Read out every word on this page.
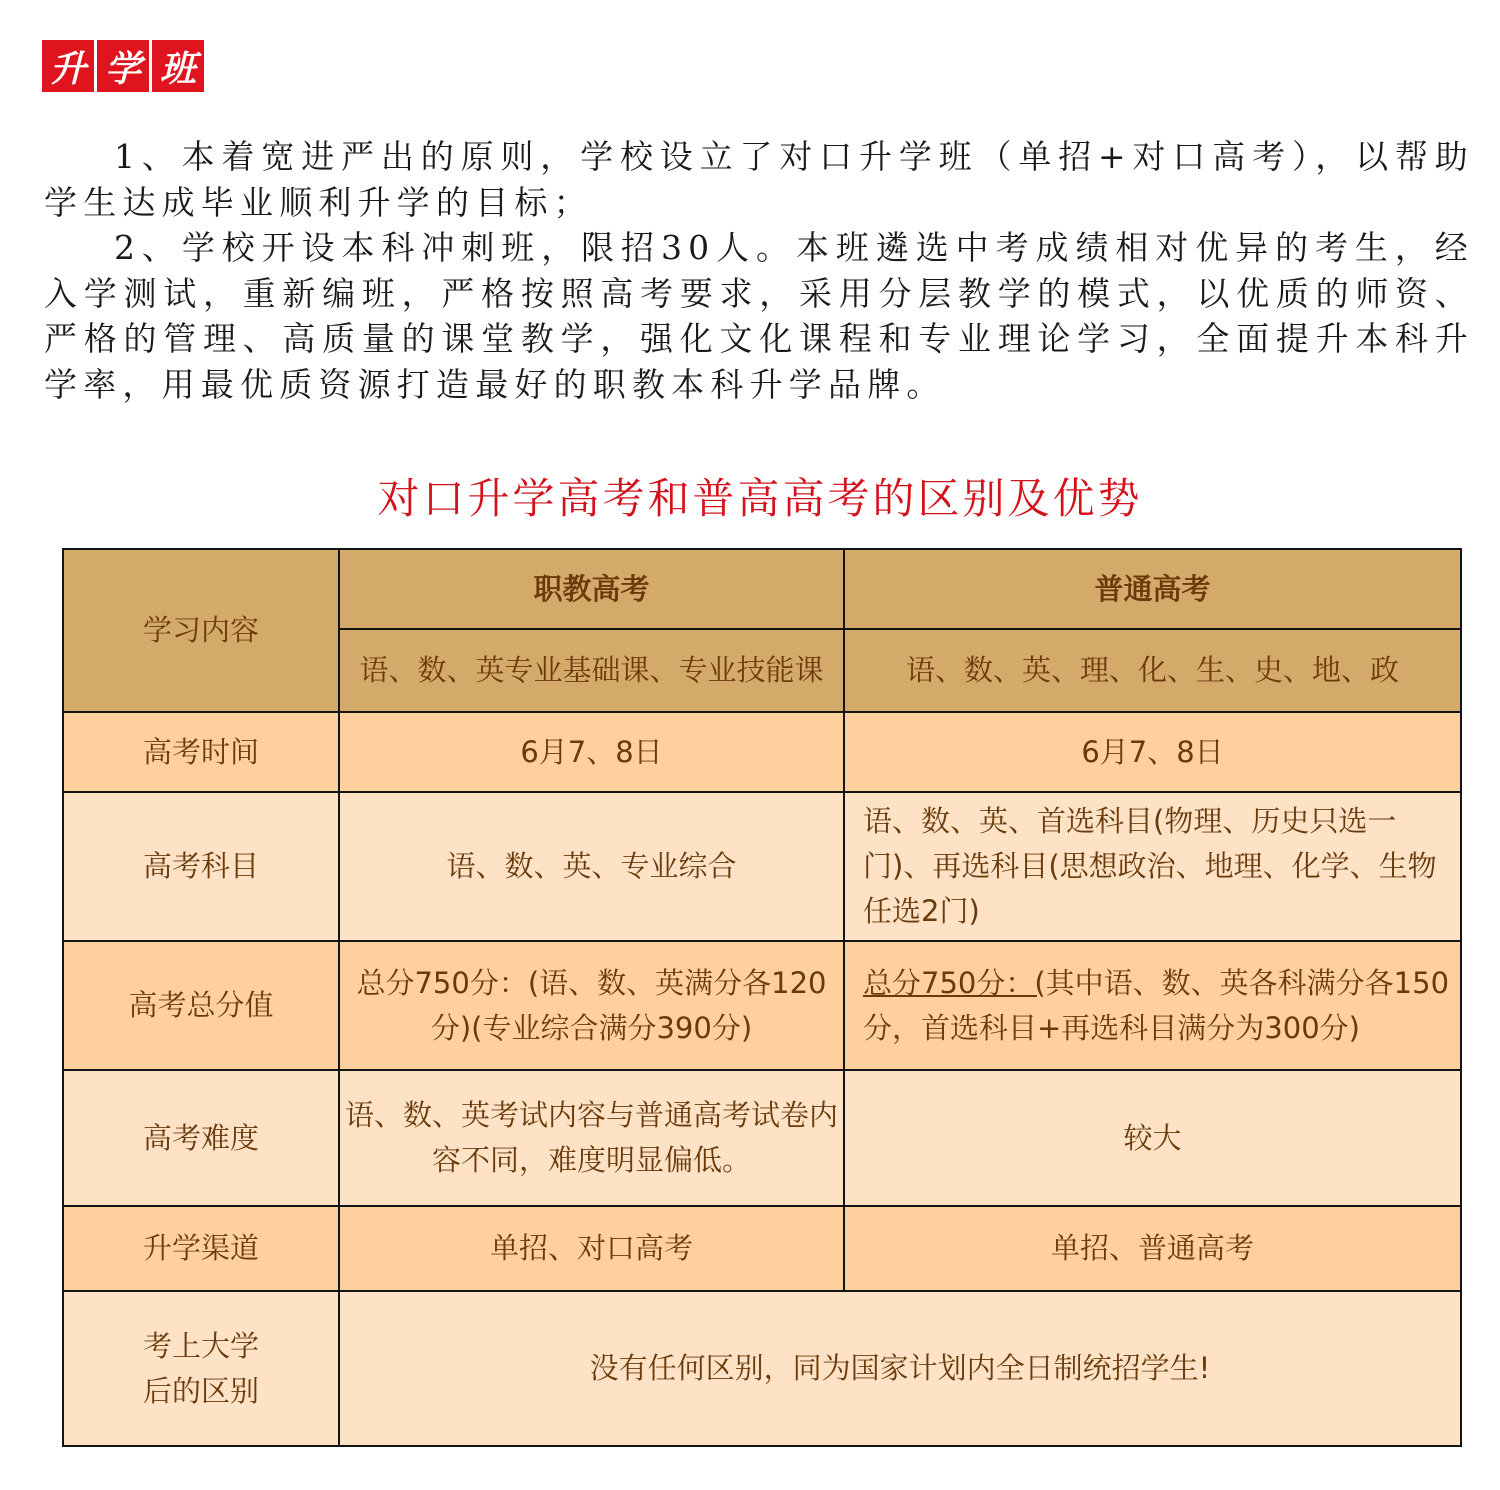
升 学 班

1、本着宽进严出的原则，学校设立了对口升学班（单招+对口高考），以帮助学生达成毕业顺利升学的目标；

2、学校开设本科冲刺班，限招30人。本班遴选中考成绩相对优异的考生，经入学测试，重新编班，严格按照高考要求，采用分层教学的模式，以优质的师资、严格的管理、高质量的课堂教学，强化文化课程和专业理论学习，全面提升本科升学率，用最优质资源打造最好的职教本科升学品牌。

对口升学高考和普高高考的区别及优势
学习内容	职教高考	普通高考
	语、数、英专业基础课、专业技能课	语、数、英、理、化、生、史、地、政
高考时间	6月7、8日	6月7、8日
高考科目	语、数、英、专业综合	语、数、英、首选科目(物理、历史只选一门)、再选科目(思想政治、地理、化学、生物任选2门)
高考总分值	总分750分：(语、数、英满分各120分)(专业综合满分390分)	总分750分：(其中语、数、英各科满分各150分，首选科目+再选科目满分为300分)
高考难度	语、数、英考试内容与普通高考试卷内容不同，难度明显偏低。	较大
升学渠道	单招、对口高考	单招、普通高考

考上大学
后的区别	没有任何区别，同为国家计划内全日制统招学生!	
